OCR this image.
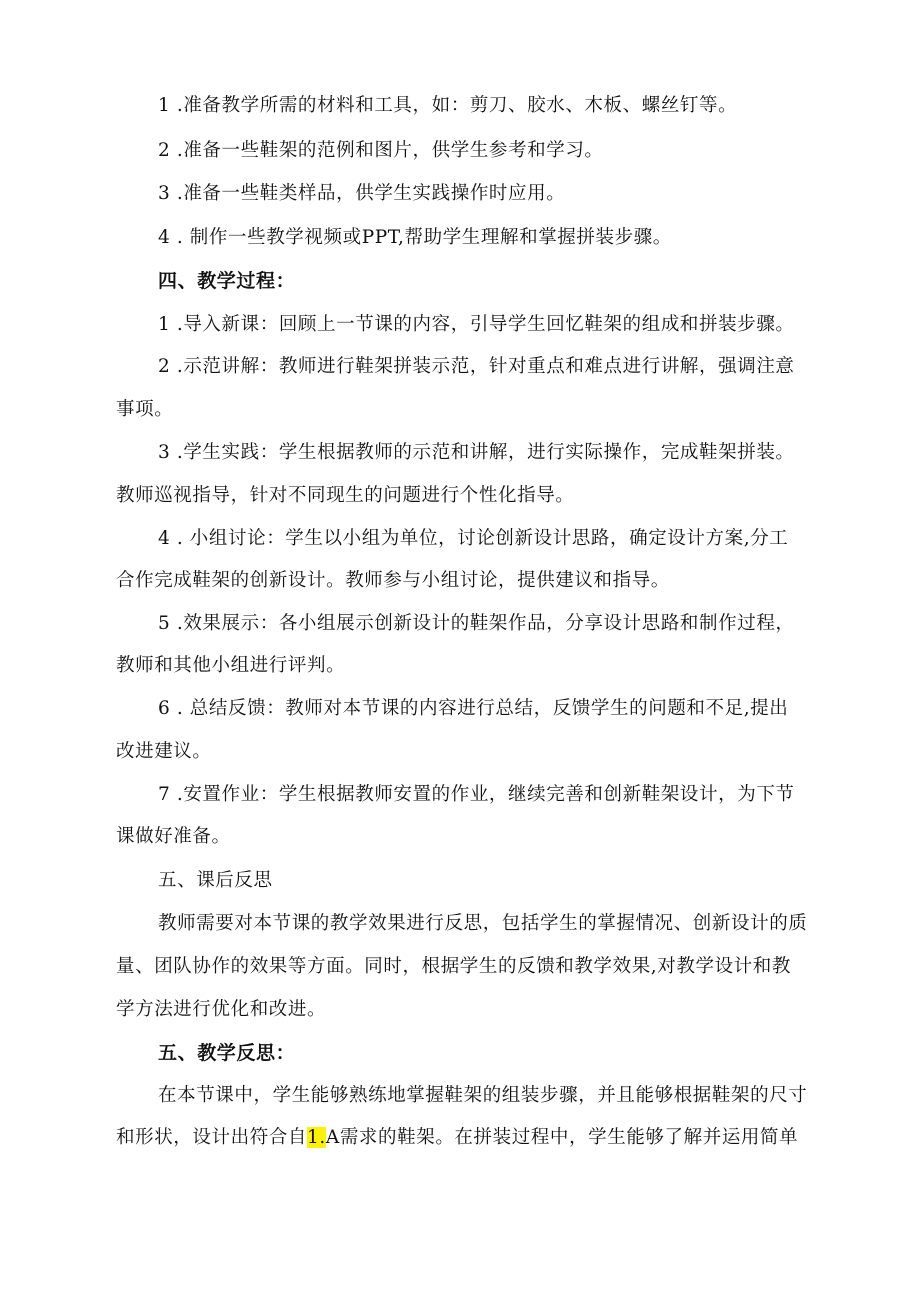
1 .准备教学所需的材料和工具，如：剪刀、胶水、木板、螺丝钉等。
2 .准备一些鞋架的范例和图片，供学生参考和学习。
3 .准备一些鞋类样品，供学生实践操作时应用。
4 . 制作一些教学视频或PPT,帮助学生理解和掌握拼装步骤。
四、教学过程：
1 .导入新课：回顾上一节课的内容，引导学生回忆鞋架的组成和拼装步骤。
2 .示范讲解：教师进行鞋架拼装示范，针对重点和难点进行讲解，强调注意
事项。
3 .学生实践：学生根据教师的示范和讲解，进行实际操作，完成鞋架拼装。
教师巡视指导，针对不同现生的问题进行个性化指导。
4 . 小组讨论：学生以小组为单位，讨论创新设计思路，确定设计方案,分工
合作完成鞋架的创新设计。教师参与小组讨论，提供建议和指导。
5 .效果展示：各小组展示创新设计的鞋架作品，分享设计思路和制作过程，
教师和其他小组进行评判。
6 . 总结反馈：教师对本节课的内容进行总结，反馈学生的问题和不足,提出
改进建议。
7 .安置作业：学生根据教师安置的作业，继续完善和创新鞋架设计，为下节
课做好准备。
五、课后反思
教师需要对本节课的教学效果进行反思，包括学生的掌握情况、创新设计的质
量、团队协作的效果等方面。同时，根据学生的反馈和教学效果,对教学设计和教
学方法进行优化和改进。
五、教学反思：
在本节课中，学生能够熟练地掌握鞋架的组装步骤，并且能够根据鞋架的尺寸
和形状，设计出符合自1.A需求的鞋架。在拼装过程中，学生能够了解并运用简单
